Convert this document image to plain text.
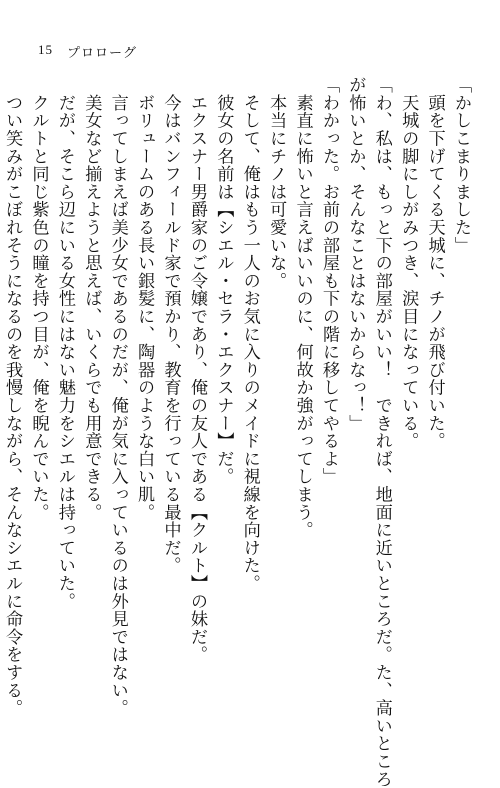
15 プロローグ
「かしこまりました」
　頭を下げてくる天城に、チノが飛び付いた。
　天城の脚にしがみつき、涙目になっている。
「わ、私は、もっと下の部屋がいい！　できれば、地面に近いところだ。た、高いところ
が怖いとか、そんなことはないからなっ！」
「わかった。お前の部屋も下の階に移してやるよ」
　素直に怖いと言えばいいのに、何故か強がってしまう。
　本当にチノは可愛いな。
　そして、俺はもう一人のお気に入りのメイドに視線を向けた。
　彼女の名前は【シエル・セラ・エクスナー】だ。
　エクスナー男爵家のご令嬢であり、俺の友人である【クルト】の妹だ。
　今はバンフィールド家で預かり、教育を行っている最中だ。
　ボリュームのある長い銀髪に、陶器のような白い肌。
　言ってしまえば美少女であるのだが、俺が気に入っているのは外見ではない。
　美女など揃えようと思えば、いくらでも用意できる。
　だが、そこら辺にいる女性にはない魅力をシエルは持っていた。
　クルトと同じ紫色の瞳を持つ目が、俺を睨んでいた。
　つい笑みがこぼれそうになるのを我慢しながら、そんなシエルに命令をする。
